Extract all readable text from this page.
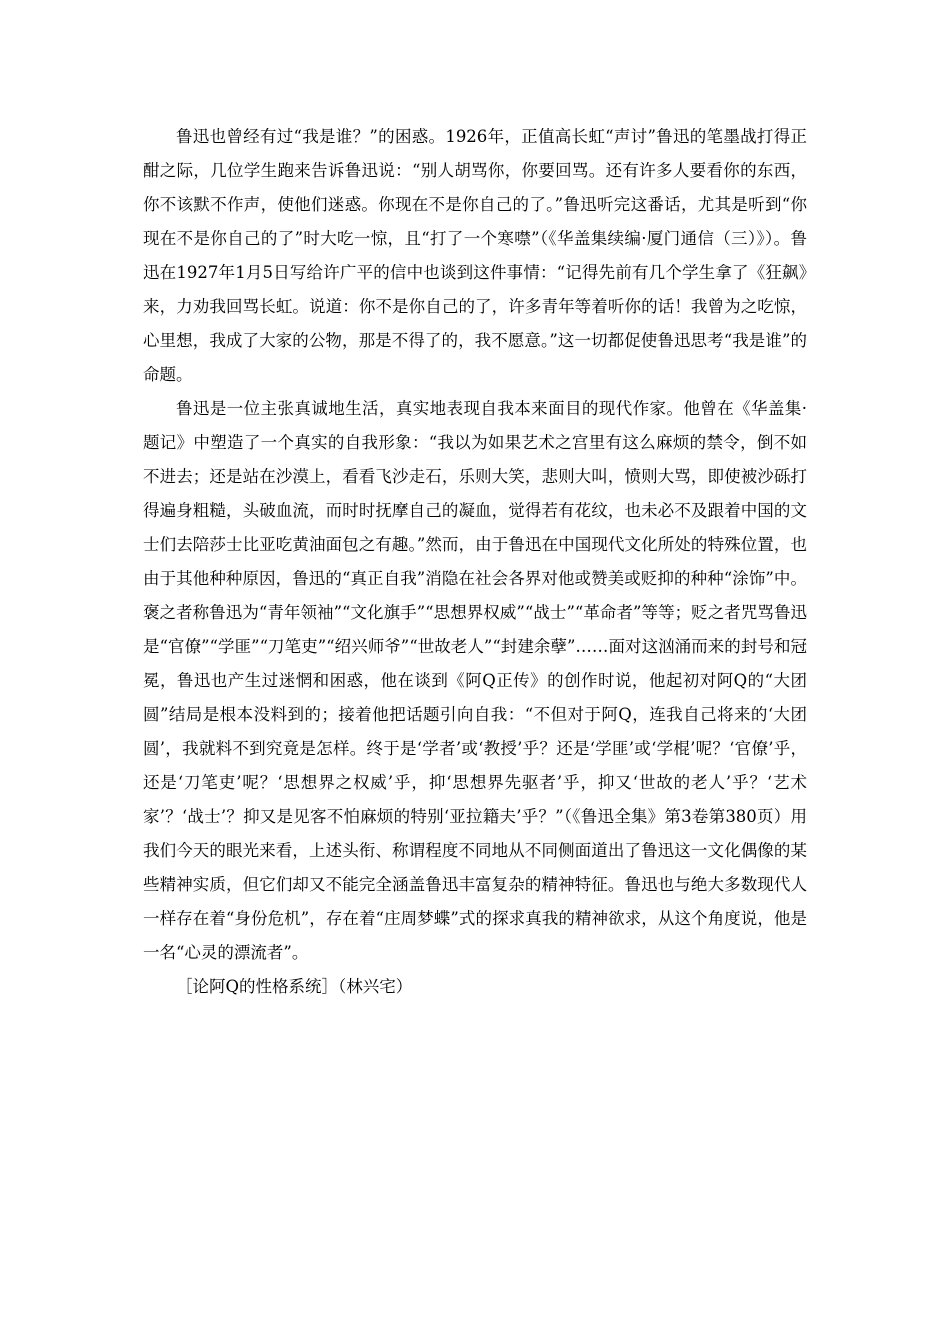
鲁迅也曾经有过“我是谁？”的困惑。1926年，正值高长虹“声讨”鲁迅的笔墨战打得正酣之际，几位学生跑来告诉鲁迅说：“别人胡骂你，你要回骂。还有许多人要看你的东西，你不该默不作声，使他们迷惑。你现在不是你自己的了。”鲁迅听完这番话，尤其是听到“你现在不是你自己的了”时大吃一惊，且“打了一个寒噤”（《华盖集续编·厦门通信（三）》）。鲁迅在1927年1月5日写给许广平的信中也谈到这件事情：“记得先前有几个学生拿了《狂飙》来，力劝我回骂长虹。说道：你不是你自己的了，许多青年等着听你的话！我曾为之吃惊，心里想，我成了大家的公物，那是不得了的，我不愿意。”这一切都促使鲁迅思考“我是谁”的命题。

鲁迅是一位主张真诚地生活，真实地表现自我本来面目的现代作家。他曾在《华盖集·题记》中塑造了一个真实的自我形象：“我以为如果艺术之宫里有这么麻烦的禁令，倒不如不进去；还是站在沙漠上，看看飞沙走石，乐则大笑，悲则大叫，愤则大骂，即使被沙砾打得遍身粗糙，头破血流，而时时抚摩自己的凝血，觉得若有花纹，也未必不及跟着中国的文士们去陪莎士比亚吃黄油面包之有趣。”然而，由于鲁迅在中国现代文化所处的特殊位置，也由于其他种种原因，鲁迅的“真正自我”消隐在社会各界对他或赞美或贬抑的种种“涂饰”中。褒之者称鲁迅为“青年领袖”“文化旗手”“思想界权威”“战士”“革命者”等等；贬之者咒骂鲁迅是“官僚”“学匪”“刀笔吏”“绍兴师爷”“世故老人”“封建余孽”……面对这汹涌而来的封号和冠冕，鲁迅也产生过迷惘和困惑，他在谈到《阿Q正传》的创作时说，他起初对阿Q的“大团圆”结局是根本没料到的；接着他把话题引向自我：“不但对于阿Q，连我自己将来的‘大团圆’，我就料不到究竟是怎样。终于是‘学者’或‘教授’乎？还是‘学匪’或‘学棍’呢？‘官僚’乎，还是‘刀笔吏’呢？‘思想界之权威’乎，抑‘思想界先驱者’乎，抑又‘世故的老人’乎？‘艺术家’？‘战士’？抑又是见客不怕麻烦的特别‘亚拉籍夫’乎？”（《鲁迅全集》第3卷第380页）用我们今天的眼光来看，上述头衔、称谓程度不同地从不同侧面道出了鲁迅这一文化偶像的某些精神实质，但它们却又不能完全涵盖鲁迅丰富复杂的精神特征。鲁迅也与绝大多数现代人一样存在着“身份危机”，存在着“庄周梦蝶”式的探求真我的精神欲求，从这个角度说，他是一名“心灵的漂流者”。

［论阿Q的性格系统］（林兴宅）
